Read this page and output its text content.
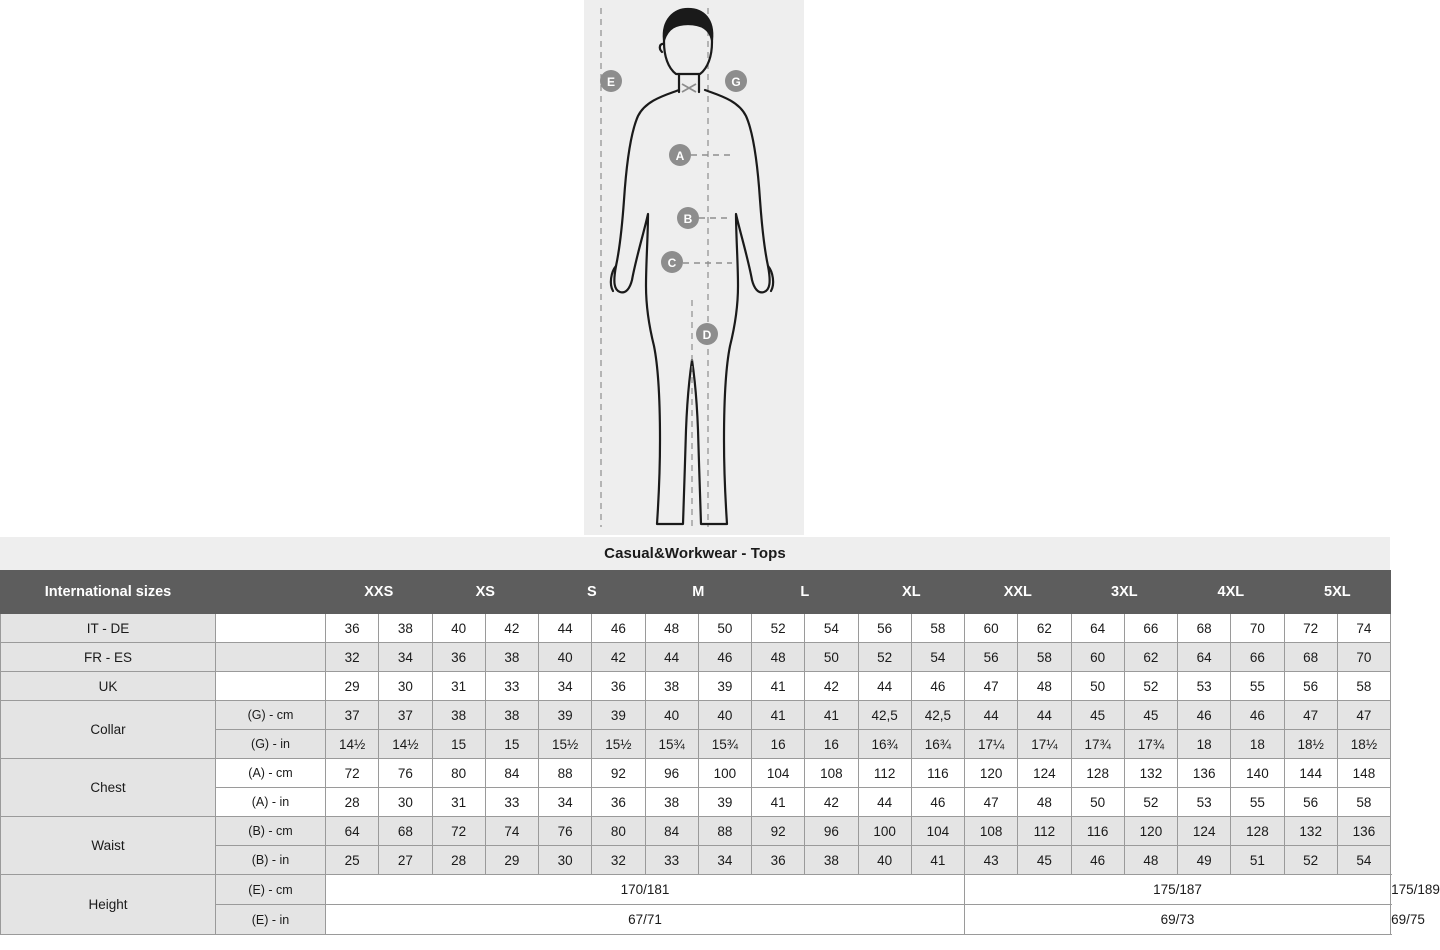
E	G
A
B
C
D
Casual&Workwear - Tops
International sizes		XXS		XS		S		M		L		XL		XXL		3XL		4XL		5XL		
IT - DE		36	38	40	42	44	46	48	50	52	54	56	58	60	62	64	66	68	70	72	74	
FR - ES		32	34	36	38	40	42	44	46	48	50	52	54	56	58	60	62	64	66	68	70	
UK		29	30	31	33	34	36	38	39	41	42	44	46	47	48	50	52	53	55	56	58	
Collar	(G) - cm	37	37	38	38	39	39	40	40	41	41	42,5	42,5	44	44	45	45	46	46	47	47	
	(G) - in	14½	14½	15	15	15½	15½	15¾	15¾	16	16	16¾	16¾	17¼	17¼	17¾	17¾	18	18	18½	18½	
Chest	(A) - cm	72	76	80	84	88	92	96	100	104	108	112	116	120	124	128	132	136	140	144	148	
	(A) - in	28	30	31	33	34	36	38	39	41	42	44	46	47	48	50	52	53	55	56	58	
Waist	(B) - cm	64	68	72	74	76	80	84	88	92	96	100	104	108	112	116	120	124	128	132	136	
	(B) - in	25	27	28	29	30	32	33	34	36	38	40	41	43	45	46	48	49	51	52	54	
Height	(E) - cm	170/181												175/187								175/189
	(E) - in	67/71												69/73								69/75
